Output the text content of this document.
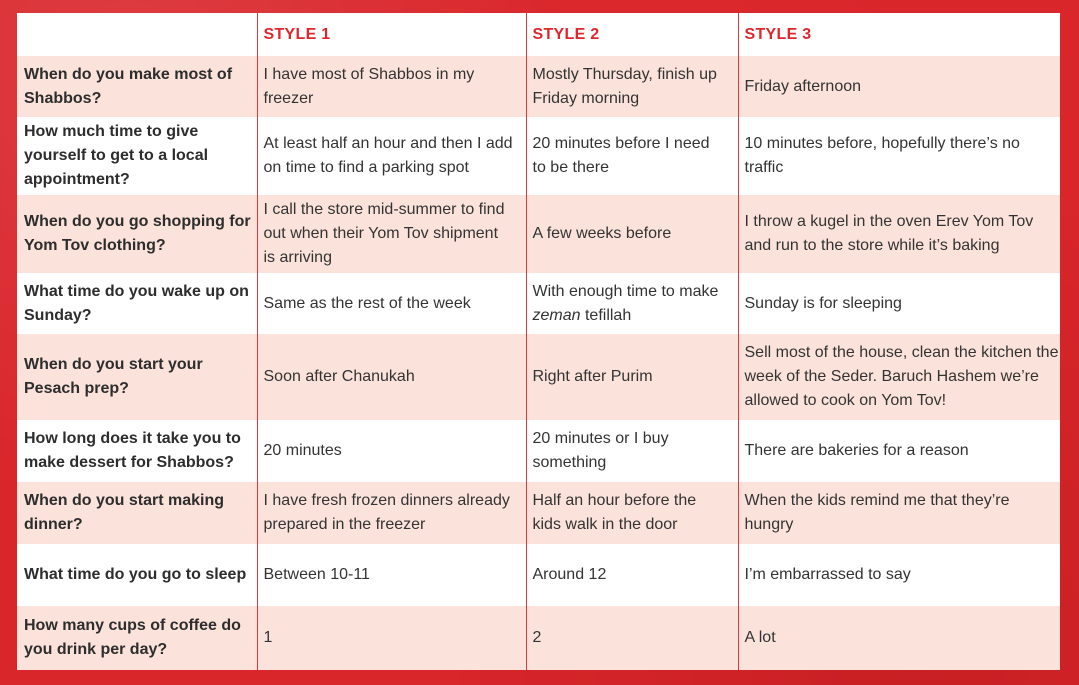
	STYLE 1	STYLE 2	STYLE 3

When do you make most of
Shabbos?	I have most of Shabbos in my
freezer	Mostly Thursday, finish up
Friday morning	Friday afternoon

How much time to give
yourself to get to a local
appointment?	At least half an hour and then I add
on time to find a parking spot	20 minutes before I need
to be there	10 minutes before, hopefully there’s no
traffic

When do you go shopping for
Yom Tov clothing?	I call the store mid-summer to find
out when their Yom Tov shipment
is arriving	A few weeks before	I throw a kugel in the oven Erev Yom Tov
and run to the store while it’s baking

What time do you wake up on
Sunday?	Same as the rest of the week	With enough time to make
zeman tefillah	Sunday is for sleeping

When do you start your
Pesach prep?	Soon after Chanukah	Right after Purim	Sell most of the house, clean the kitchen the
week of the Seder. Baruch Hashem we’re
allowed to cook on Yom Tov!

How long does it take you to
make dessert for Shabbos?	20 minutes	20 minutes or I buy
something	There are bakeries for a reason

When do you start making
dinner?	I have fresh frozen dinners already
prepared in the freezer	Half an hour before the
kids walk in the door	When the kids remind me that they’re
hungry

What time do you go to sleep	Between 10-11	Around 12	I’m embarrassed to say

How many cups of coffee do
you drink per day?	1	2	A lot
